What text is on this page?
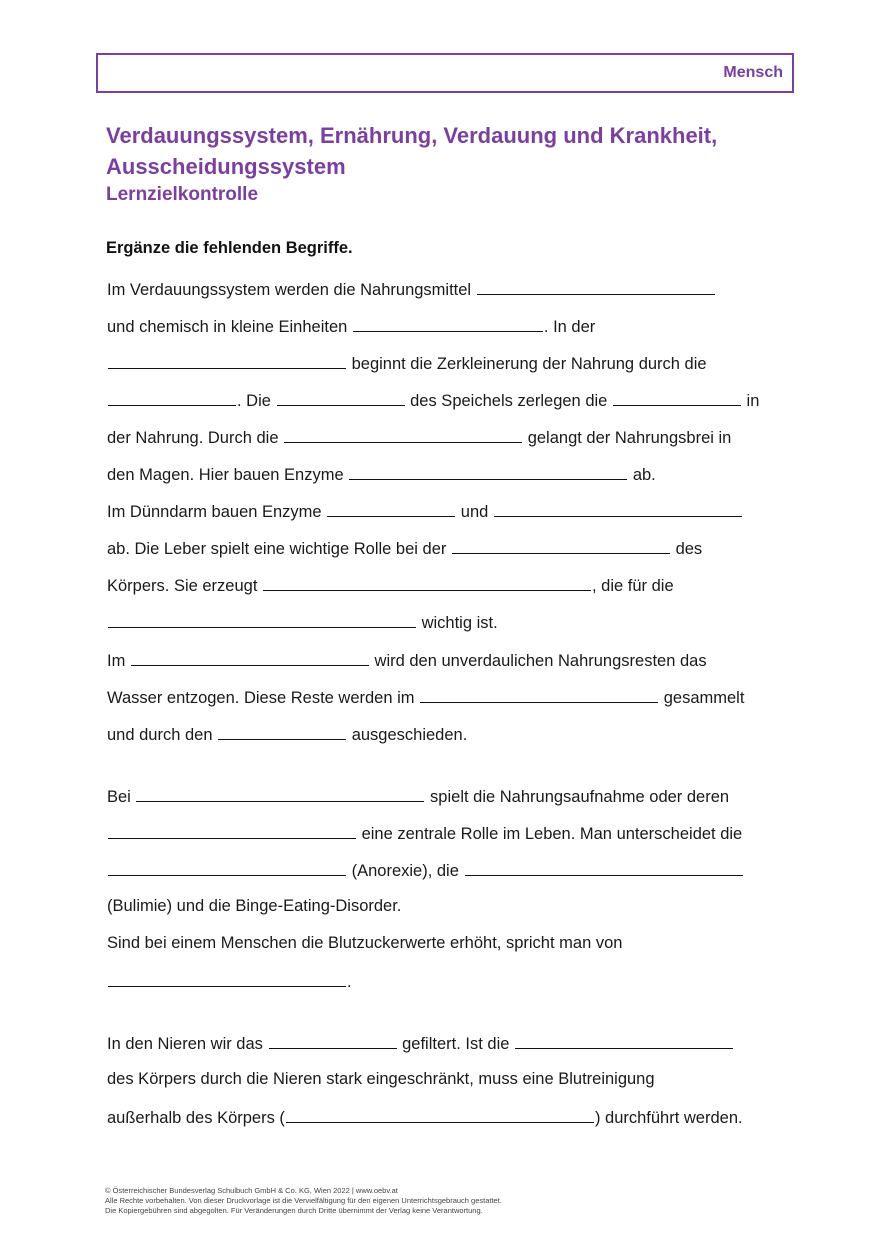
Mensch
Verdauungssystem, Ernährung, Verdauung und Krankheit, Ausscheidungssystem
Lernzielkontrolle
Ergänze die fehlenden Begriffe.
Im Verdauungssystem werden die Nahrungsmittel
und chemisch in kleine Einheiten	. In der
beginnt die Zerkleinerung der Nahrung durch die
. Die	des Speichels zerlegen die	in
der Nahrung. Durch die	gelangt der Nahrungsbrei in
den Magen. Hier bauen Enzyme	ab.
Im Dünndarm bauen Enzyme	und
ab. Die Leber spielt eine wichtige Rolle bei der	des
Körpers. Sie erzeugt	, die für die
wichtig ist.
Im	wird den unverdaulichen Nahrungsresten das
Wasser entzogen. Diese Reste werden im	gesammelt
und durch den	ausgeschieden.
Bei	spielt die Nahrungsaufnahme oder deren
eine zentrale Rolle im Leben. Man unterscheidet die
(Anorexie), die
(Bulimie) und die Binge-Eating-Disorder.
Sind bei einem Menschen die Blutzuckerwerte erhöht, spricht man von
.
In den Nieren wir das	gefiltert. Ist die
des Körpers durch die Nieren stark eingeschränkt, muss eine Blutreinigung
außerhalb des Körpers (	) durchführt werden.
© Österreichischer Bundesverlag Schulbuch GmbH & Co. KG, Wien 2022 | www.oebv.at
Alle Rechte vorbehalten. Von dieser Druckvorlage ist die Vervielfältigung für den eigenen Unterrichtsgebrauch gestattet.
Die Kopiergebühren sind abgegolten. Für Veränderungen durch Dritte übernimmt der Verlag keine Verantwortung.
